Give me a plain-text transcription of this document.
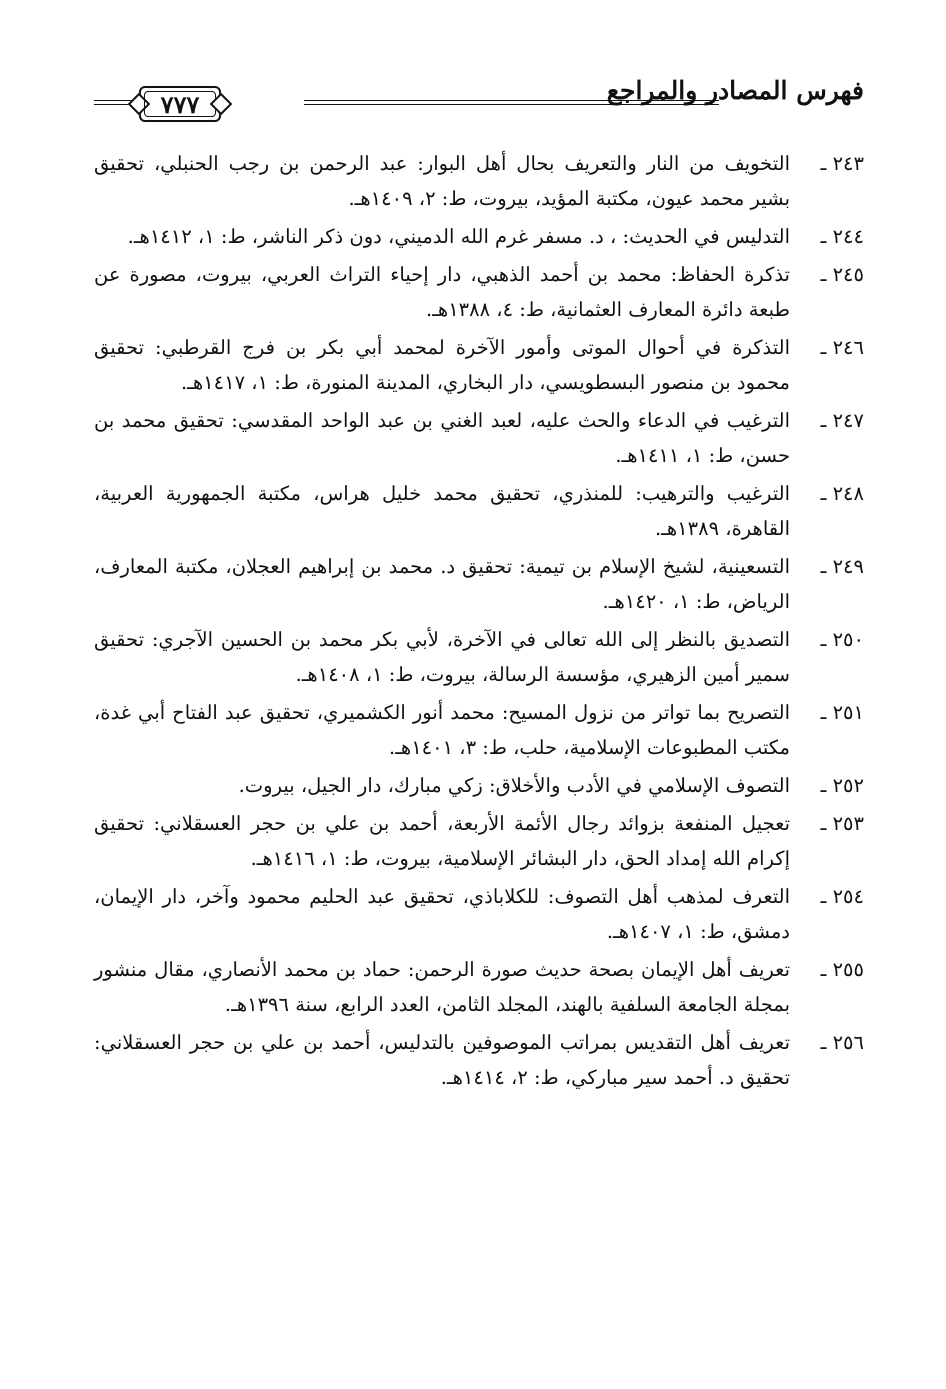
فهرس المصادر والمراجع
٧٧٧
٢٤٣ ـ
التخويف من النار والتعريف بحال أهل البوار: عبد الرحمن بن رجب الحنبلي، تحقيق بشير محمد عيون، مكتبة المؤيد، بيروت، ط: ٢، ١٤٠٩هـ.
٢٤٤ ـ
التدليس في الحديث: ، د. مسفر غرم الله الدميني، دون ذكر الناشر، ط: ١، ١٤١٢هـ.
٢٤٥ ـ
تذكرة الحفاظ: محمد بن أحمد الذهبي، دار إحياء التراث العربي، بيروت، مصورة عن طبعة دائرة المعارف العثمانية، ط: ٤، ١٣٨٨هـ.
٢٤٦ ـ
التذكرة في أحوال الموتى وأمور الآخرة لمحمد أبي بكر بن فرج القرطبي: تحقيق محمود بن منصور البسطويسي، دار البخاري، المدينة المنورة، ط: ١، ١٤١٧هـ.
٢٤٧ ـ
الترغيب في الدعاء والحث عليه، لعبد الغني بن عبد الواحد المقدسي: تحقيق محمد بن حسن، ط: ١، ١٤١١هـ.
٢٤٨ ـ
الترغيب والترهيب: للمنذري، تحقيق محمد خليل هراس، مكتبة الجمهورية العربية، القاهرة، ١٣٨٩هـ.
٢٤٩ ـ
التسعينية، لشيخ الإسلام بن تيمية: تحقيق د. محمد بن إبراهيم العجلان، مكتبة المعارف، الرياض، ط: ١، ١٤٢٠هـ.
٢٥٠ ـ
التصديق بالنظر إلى الله تعالى في الآخرة، لأبي بكر محمد بن الحسين الآجري: تحقيق سمير أمين الزهيري، مؤسسة الرسالة، بيروت، ط: ١، ١٤٠٨هـ.
٢٥١ ـ
التصريح بما تواتر من نزول المسيح: محمد أنور الكشميري، تحقيق عبد الفتاح أبي غدة، مكتب المطبوعات الإسلامية، حلب، ط: ٣، ١٤٠١هـ.
٢٥٢ ـ
التصوف الإسلامي في الأدب والأخلاق: زكي مبارك، دار الجيل، بيروت.
٢٥٣ ـ
تعجيل المنفعة بزوائد رجال الأئمة الأربعة، أحمد بن علي بن حجر العسقلاني: تحقيق إكرام الله إمداد الحق، دار البشائر الإسلامية، بيروت، ط: ١، ١٤١٦هـ.
٢٥٤ ـ
التعرف لمذهب أهل التصوف: للكلاباذي، تحقيق عبد الحليم محمود وآخر، دار الإيمان، دمشق، ط: ١، ١٤٠٧هـ.
٢٥٥ ـ
تعريف أهل الإيمان بصحة حديث صورة الرحمن: حماد بن محمد الأنصاري، مقال منشور بمجلة الجامعة السلفية بالهند، المجلد الثامن، العدد الرابع، سنة ١٣٩٦هـ.
٢٥٦ ـ
تعريف أهل التقديس بمراتب الموصوفين بالتدليس، أحمد بن علي بن حجر العسقلاني: تحقيق د. أحمد سير مباركي، ط: ٢، ١٤١٤هـ.
